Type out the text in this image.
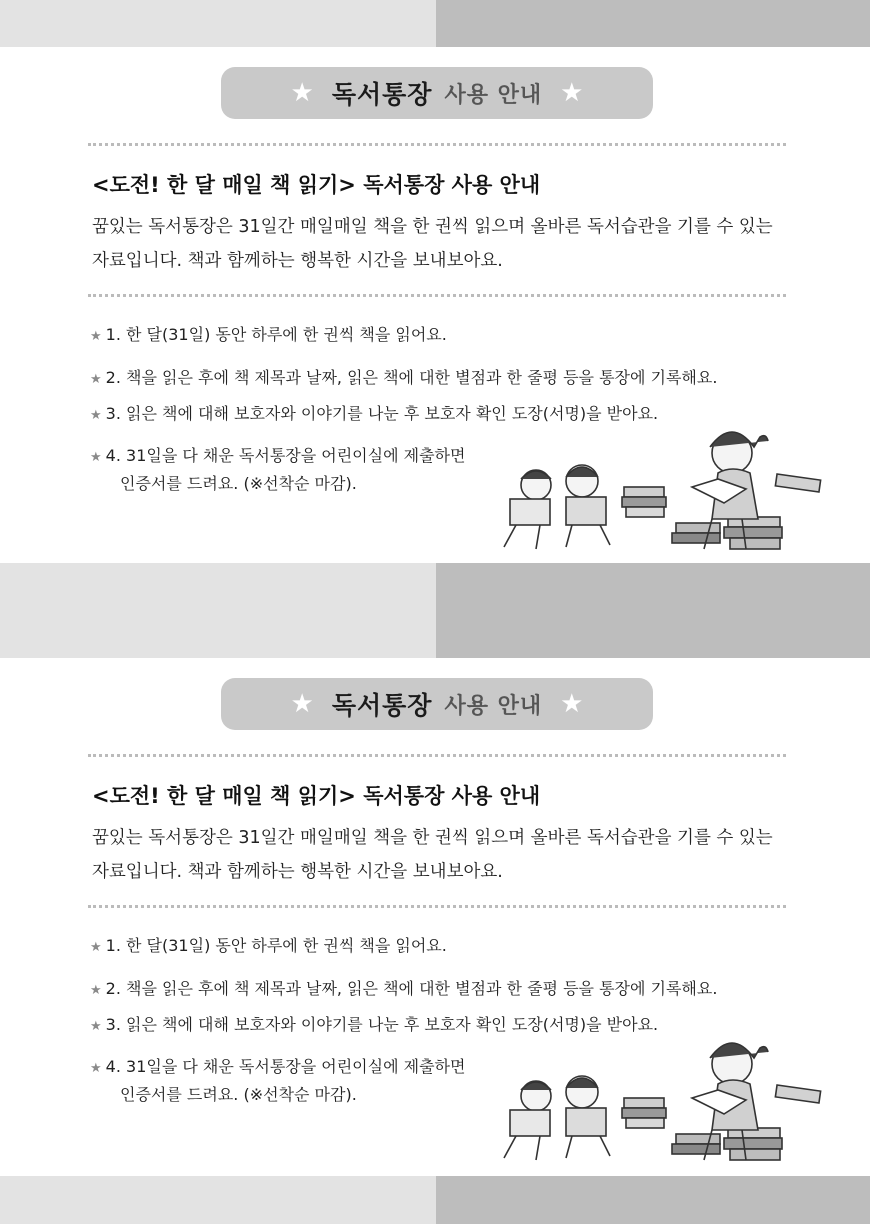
★ 독서통장 사용 안내 ★
<도전! 한 달 매일 책 읽기> 독서통장 사용 안내
꿈있는 독서통장은 31일간 매일매일 책을 한 권씩 읽으며 올바른 독서습관을 기를 수 있는
자료입니다. 책과 함께하는 행복한 시간을 보내보아요.
★ 1. 한 달(31일) 동안 하루에 한 권씩 책을 읽어요.
★ 2. 책을 읽은 후에 책 제목과 날짜, 읽은 책에 대한 별점과 한 줄평 등을 통장에 기록해요.
★ 3. 읽은 책에 대해 보호자와 이야기를 나눈 후 보호자 확인 도장(서명)을 받아요.
★ 4. 31일을 다 채운 독서통장을 어린이실에 제출하면
인증서를 드려요. (※선착순 마감).
★ 독서통장 사용 안내 ★
<도전! 한 달 매일 책 읽기> 독서통장 사용 안내
꿈있는 독서통장은 31일간 매일매일 책을 한 권씩 읽으며 올바른 독서습관을 기를 수 있는
자료입니다. 책과 함께하는 행복한 시간을 보내보아요.
★ 1. 한 달(31일) 동안 하루에 한 권씩 책을 읽어요.
★ 2. 책을 읽은 후에 책 제목과 날짜, 읽은 책에 대한 별점과 한 줄평 등을 통장에 기록해요.
★ 3. 읽은 책에 대해 보호자와 이야기를 나눈 후 보호자 확인 도장(서명)을 받아요.
★ 4. 31일을 다 채운 독서통장을 어린이실에 제출하면
인증서를 드려요. (※선착순 마감).
